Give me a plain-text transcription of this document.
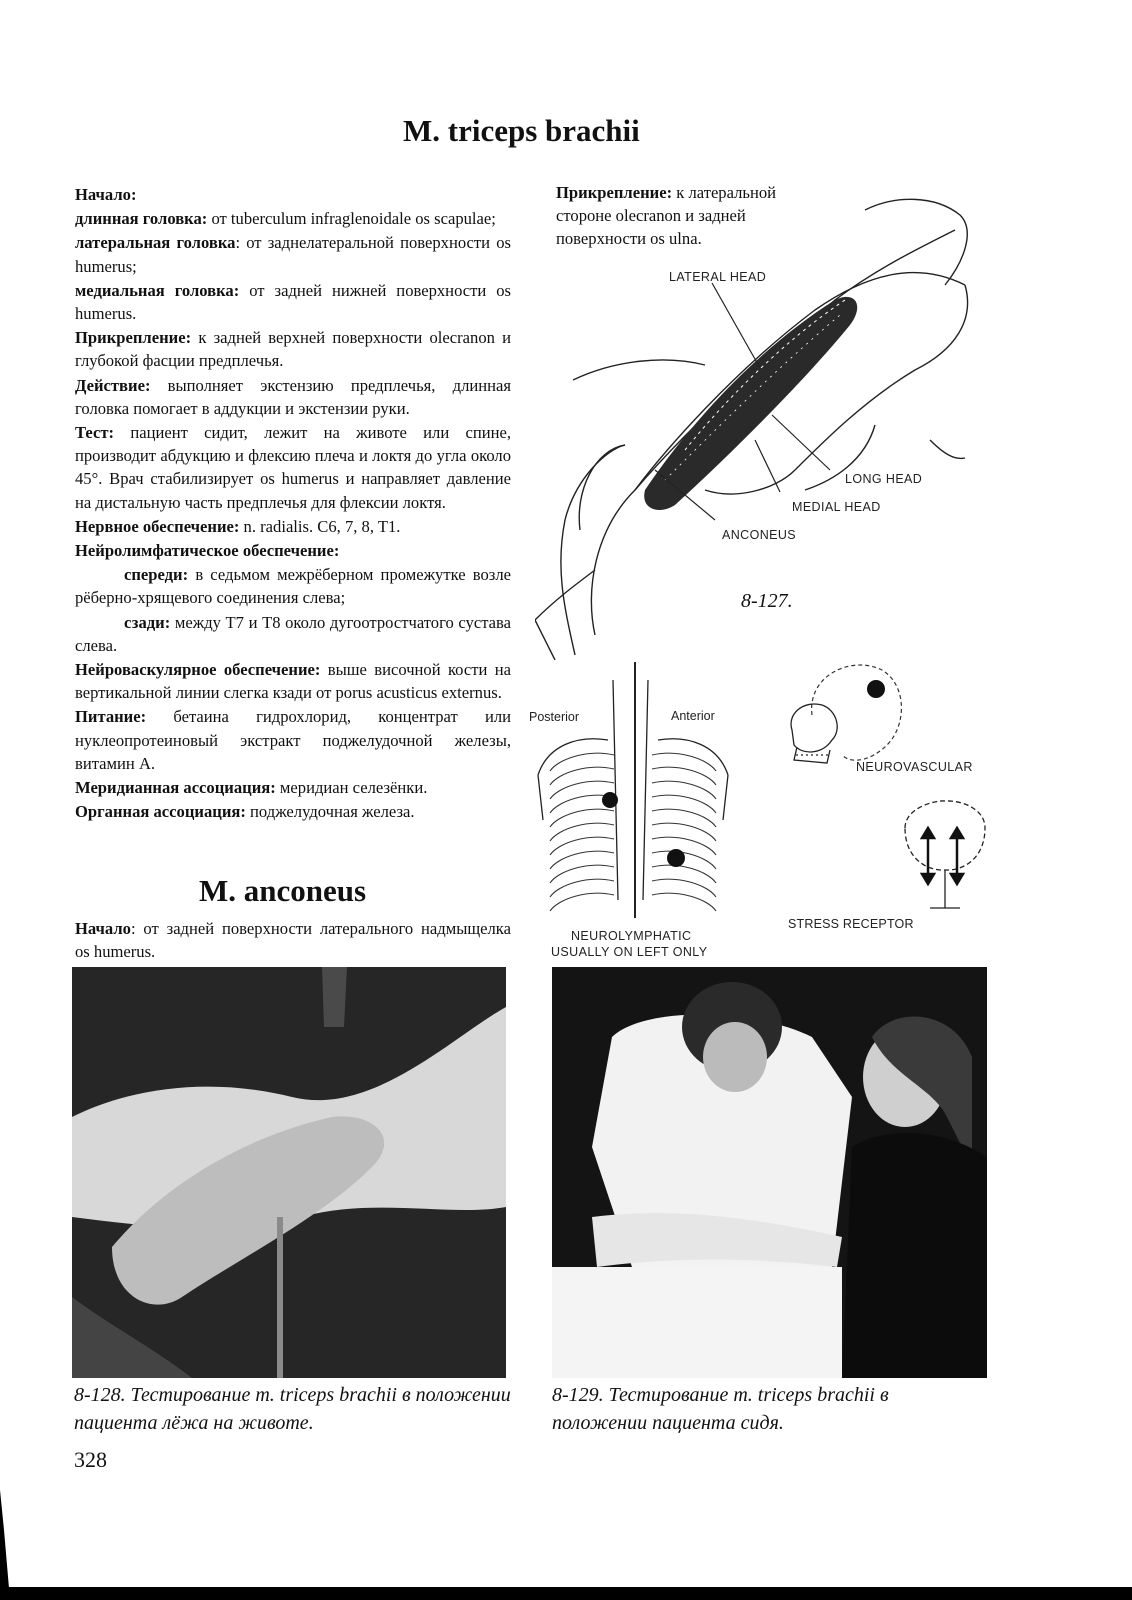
M. triceps brachii

Начало:

длинная головка: от tuberculum infraglenoidale os scapulae;

латеральная головка: от заднелатеральной поверхности os humerus;

медиальная головка: от задней нижней поверхности os humerus.

Прикрепление: к задней верхней поверхности olecranon и глубокой фасции предплечья.

Действие: выполняет экстензию предплечья, длинная головка помогает в аддукции и экстензии руки.

Тест: пациент сидит, лежит на животе или спине, производит абдукцию и флексию плеча и локтя до угла около 45°. Врач стабилизирует os humerus и направляет давление на дистальную часть предплечья для флексии локтя.

Нервное обеспечение: n. radialis. C6, 7, 8, T1.

Нейролимфатическое обеспечение:

спереди: в седьмом межрёберном промежутке возле рёберно-хрящевого соединения слева;

сзади: между T7 и T8 около дугоотростчатого сустава слева.

Нейроваскулярное обеспечение: выше височной кости на вертикальной линии слегка кзади от porus acusticus externus.

Питание: бетаина гидрохлорид, концентрат или нуклеопротеиновый экстракт поджелудочной железы, витамин A.

Меридианная ассоциация: меридиан селезёнки.

Органная ассоциация: поджелудочная железа.

M. anconeus

Начало: от задней поверхности латерального надмыщелка os humerus.

Прикрепление: к латеральной стороне olecranon и задней поверхности os ulna.
LATERAL HEAD
LONG HEAD
MEDIAL HEAD
ANCONEUS
8-127.
Posterior	Anterior
NEUROLYMPHATIC
USUALLY ON LEFT ONLY
NEUROVASCULAR
STRESS RECEPTOR
8-128. Тестирование m. triceps brachii в положении пациента лёжа на животе.
8-129. Тестирование m. triceps brachii в положении пациента сидя.
328
